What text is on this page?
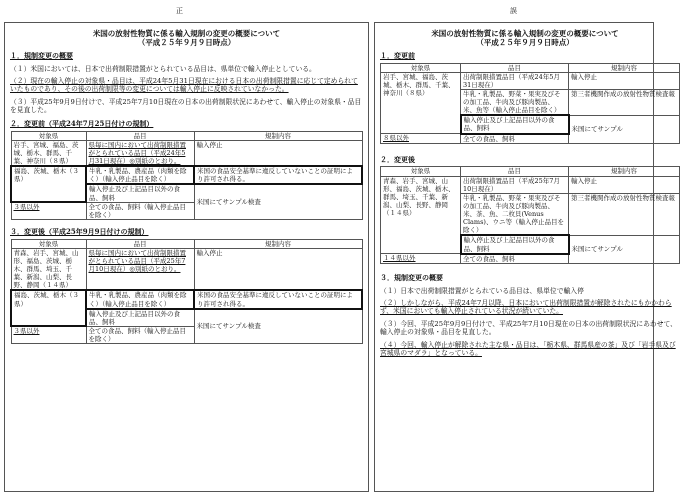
正	誤
米国の放射性物質に係る輸入規制の変更の概要について
（平成２５年９月９日時点）
１．規制変更の概要
（１）米国においては、日本で出荷制限措置がとられている品目は、県単位で輸入停止としている。
（２）現在の輸入停止の対象県・品目は、平成24年5月31日現在における日本の出荷制限措置に応じて定められていたものであり、その後の出荷制限等の変更については輸入停止に反映されていなかった。
（３）平成25年9月9日付けで、平成25年7月10日現在の日本の出荷制限状況にあわせて、輸入停止の対象県・品目を見直した。
２．変更前（平成24年7月25日付けの規制）
対象県	品目	規制内容
岩手、宮城、福島、茨城、栃木、群馬、千葉、神奈川（８県）	県毎に国内において出荷制限措置がとられている品目（平成24年5月31日現在）◎別紙のとおり。	輸入停止
福島、茨城、栃木（３県）	牛乳・乳製品、農産品（肉類を除く）（輸入停止品目を除く）	米国の食品安全基準に違反していないことの証明により許可され得る。
	輸入停止及び上記品目以外の食品、飼料	米国にてサンプル検査
３県以外	全ての食品、飼料（輸入停止品目を除く）	
３．変更後（平成25年9月9日付けの規制）
対象県	品目	規制内容
青森、岩手、宮城、山形、福島、茨城、栃木、群馬、埼玉、千葉、新潟、山梨、長野、静岡（１４県）	県毎に国内において出荷制限措置がとられている品目（平成25年7月10日現在）◎別紙のとおり。	輸入停止
福島、茨城、栃木（３県）	牛乳・乳製品、農産品（肉類を除く）（輸入停止品目を除く）	米国の食品安全基準に違反していないことの証明により許可され得る。
	輸入停止及び上記品目以外の食品、飼料	米国にてサンプル検査
３県以外	全ての食品、飼料（輸入停止品目を除く）	
米国の放射性物質に係る輸入規制の変更の概要について
（平成２５年９月９日時点）
１．変更前
対象県	品目	規制内容
岩手、宮城、福島、茨城、栃木、群馬、千葉、神奈川（８県）	出荷制限措置品目（平成24年5月31日現在）	輸入停止
	牛乳・乳製品、野菜・果実及びその加工品、牛肉及び豚肉製品、米、魚等（輸入停止品目を除く）	第三者機関作成の放射性物質検査報
	輸入停止及び上記品目以外の食品、飼料	米国にてサンプル
８県以外	全ての食品、飼料	
２．変更後
対象県	品目	規制内容
青森、岩手、宮城、山形、福島、茨城、栃木、群馬、埼玉、千葉、新潟、山梨、長野、静岡（１４県）	出荷制限措置品目（平成25年7月10日現在）	輸入停止
	牛乳・乳製品、野菜・果実及びその加工品、牛肉及び豚肉製品、米、茶、魚、二枚貝(Venus Clams)、ウニ等（輸入停止品目を除く）	第三者機関作成の放射性物質検査報
	輸入停止及び上記品目以外の食品、飼料	米国にてサンプル
１４県以外	全ての食品、飼料	
３．規制変更の概要
（１）日本で出荷制限措置がとられている品目は、県単位で輸入停
（２）しかしながら、平成24年7月以降、日本において出荷制限措置が解除されたにもかかわらず、米国においても輸入停止されている状況が続いていた。
（３）今回、平成25年9月9日付けで、平成25年7月10日現在の日本の出荷制限状況にあわせて、輸入停止の対象県・品目を見直した。
（４）今回、輸入停止が解除された主な県・品目は、「栃木県、群馬県産の茶」及び「岩手県及び宮城県のマダラ」となっている。
